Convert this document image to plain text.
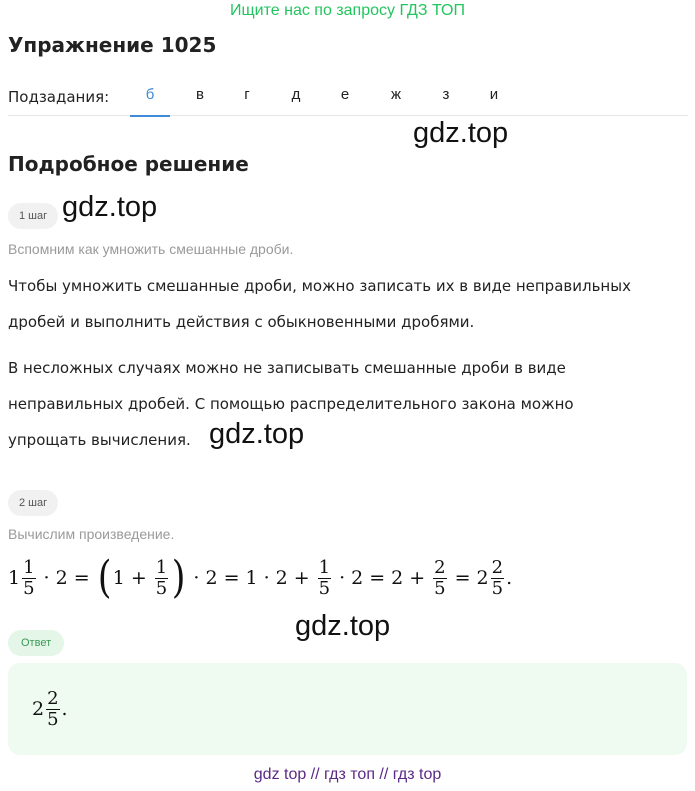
Ищите нас по запросу ГДЗ ТОП
Упражнение 1025
Подзадания:	б	в	г	д	е	ж	з	и
gdz.top
Подробное решение
1 шаг gdz.top
Вспомним как умножить смешанные дроби.
Чтобы умножить смешанные дроби, можно записать их в виде неправильных
дробей и выполнить действия с обыкновенными дробями.
В несложных случаях можно не записывать смешанные дроби в виде
неправильных дробей. С помощью распределительного закона можно
упрощать вычисления. gdz.top
2 шаг
Вычислим произведение.
$1 \frac{1}{5} \cdot 2$ = ( $1 + \frac{1}{5}$ ) · $2 = 1 \cdot 2 + \frac{1}{5} \cdot 2 = 2 + \frac{2}{5} = 2 \frac{2}{5}$ .
gdz.top
Ответ
$2 \frac{2}{5}$ .
gdz top // гдз топ // гдз top
